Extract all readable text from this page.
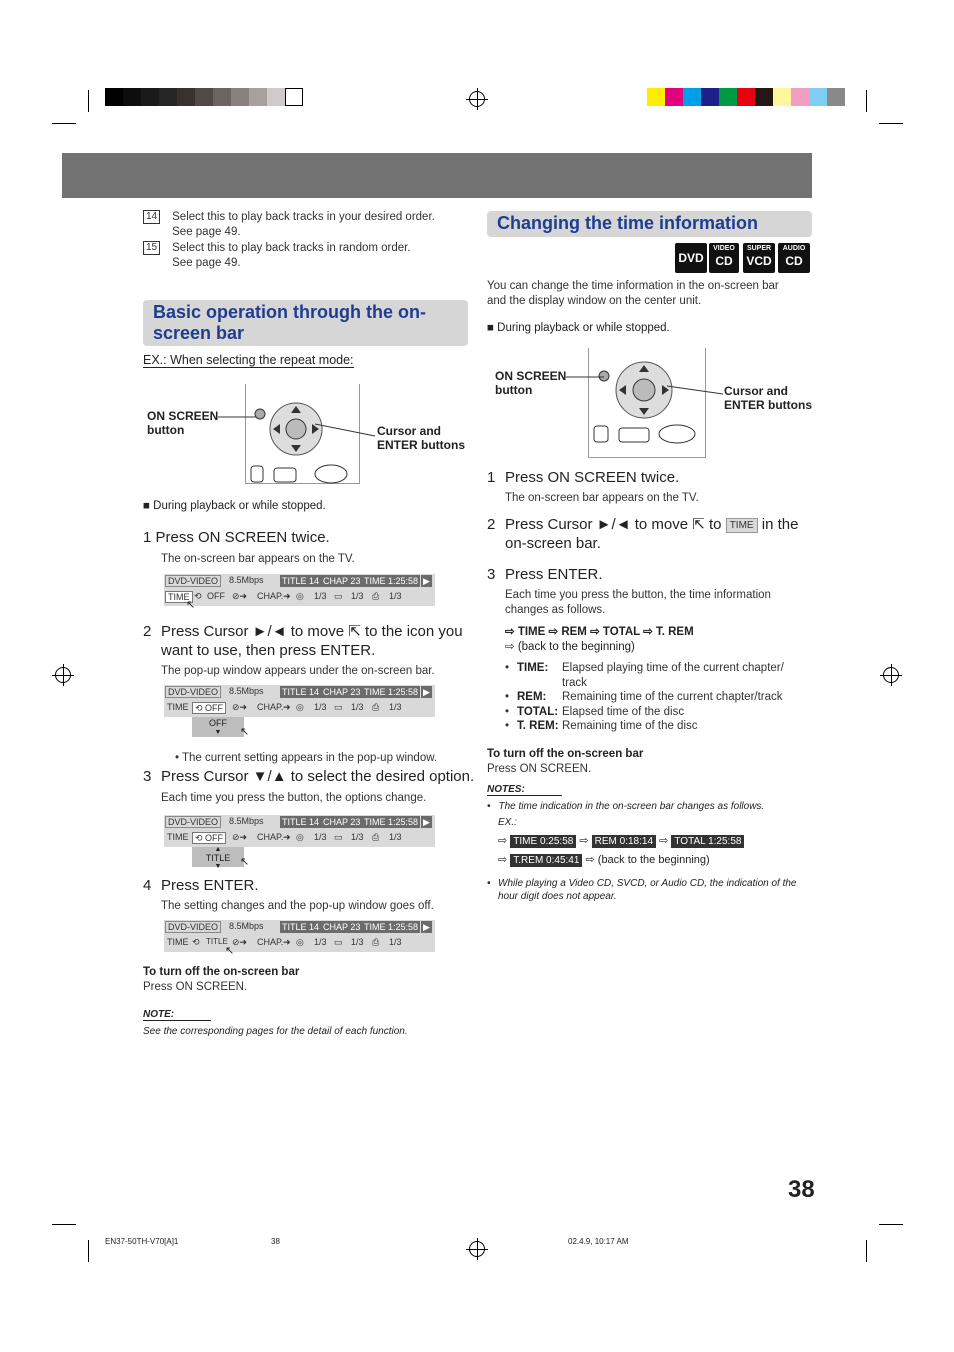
14 Select this to play back tracks in your desired order.
See page 49.
15 Select this to play back tracks in random order.
See page 49.
Basic operation through the on-
screen bar
EX.: When selecting the repeat mode:
ON SCREEN
button	Cursor and
ENTER buttons
■ During playback or while stopped.
1 Press ON SCREEN twice.
The on-screen bar appears on the TV.
DVD-VIDEO	8.5Mbps TITLE 14 CHAP 23 TIME 1:25:58 ▶
TIME ⟲ OFF ⊘➜ CHAP. ➜ ◎ 1/3 ▭ 1/3 ⎙ 1/3
↖
2 Press Cursor ►/◄ to move ⇱ to the icon you
want to use, then press ENTER.
The pop-up window appears under the on-screen bar.
DVD-VIDEO	8.5Mbps TITLE 14 CHAP 23 TIME 1:25:58 ▶
TIME ⟲ OFF ⊘➜ CHAP. ➜ ◎ 1/3 ▭ 1/3 ⎙ 1/3
OFF
▼	↖
• The current setting appears in the pop-up window.
3 Press Cursor ▼/▲ to select the desired option.
Each time you press the button, the options change.
DVD-VIDEO	8.5Mbps TITLE 14 CHAP 23 TIME 1:25:58 ▶
TIME ⟲ OFF ⊘➜ CHAP. ➜ ◎ 1/3 ▭ 1/3 ⎙ 1/3
▲
TITLE
▼	↖
4 Press ENTER.
The setting changes and the pop-up window goes off.
DVD-VIDEO	8.5Mbps TITLE 14 CHAP 23 TIME 1:25:58 ▶
TIME ⟲ TITLE ⊘➜ CHAP. ➜ ◎ 1/3 ▭ 1/3 ⎙ 1/3
↖
To turn off the on-screen bar
Press ON SCREEN.
NOTE:
See the corresponding pages for the detail of each function.
Changing the time information
DVD
VIDEO
CD
SUPER
VCD
AUDIO
CD
You can change the time information in the on-screen bar
and the display window on the center unit.
■ During playback or while stopped.
ON SCREEN
button	Cursor and
ENTER buttons
1 Press ON SCREEN twice.
The on-screen bar appears on the TV.
2 Press Cursor ►/◄ to move ⇱ to TIME in the
on-screen bar.
3 Press ENTER.
Each time you press the button, the time information
changes as follows.
⇨ TIME ⇨ REM ⇨ TOTAL ⇨ T. REM
⇨ (back to the beginning)
• TIME:	Elapsed playing time of the current chapter/
track
• REM:	Remaining time of the current chapter/track
• TOTAL: Elapsed time of the disc
• T. REM: Remaining time of the disc
To turn off the on-screen bar
Press ON SCREEN.
NOTES:
• The time indication in the on-screen bar changes as follows.
EX.:
⇨ TIME 0:25:58 ⇨ REM 0:18:14 ⇨ TOTAL 1:25:58
⇨ T.REM 0:45:41 ⇨ (back to the beginning)
• While playing a Video CD, SVCD, or Audio CD, the indication of the
hour digit does not appear.
38
EN37-50TH-V70[A]1	38	02.4.9, 10:17 AM
